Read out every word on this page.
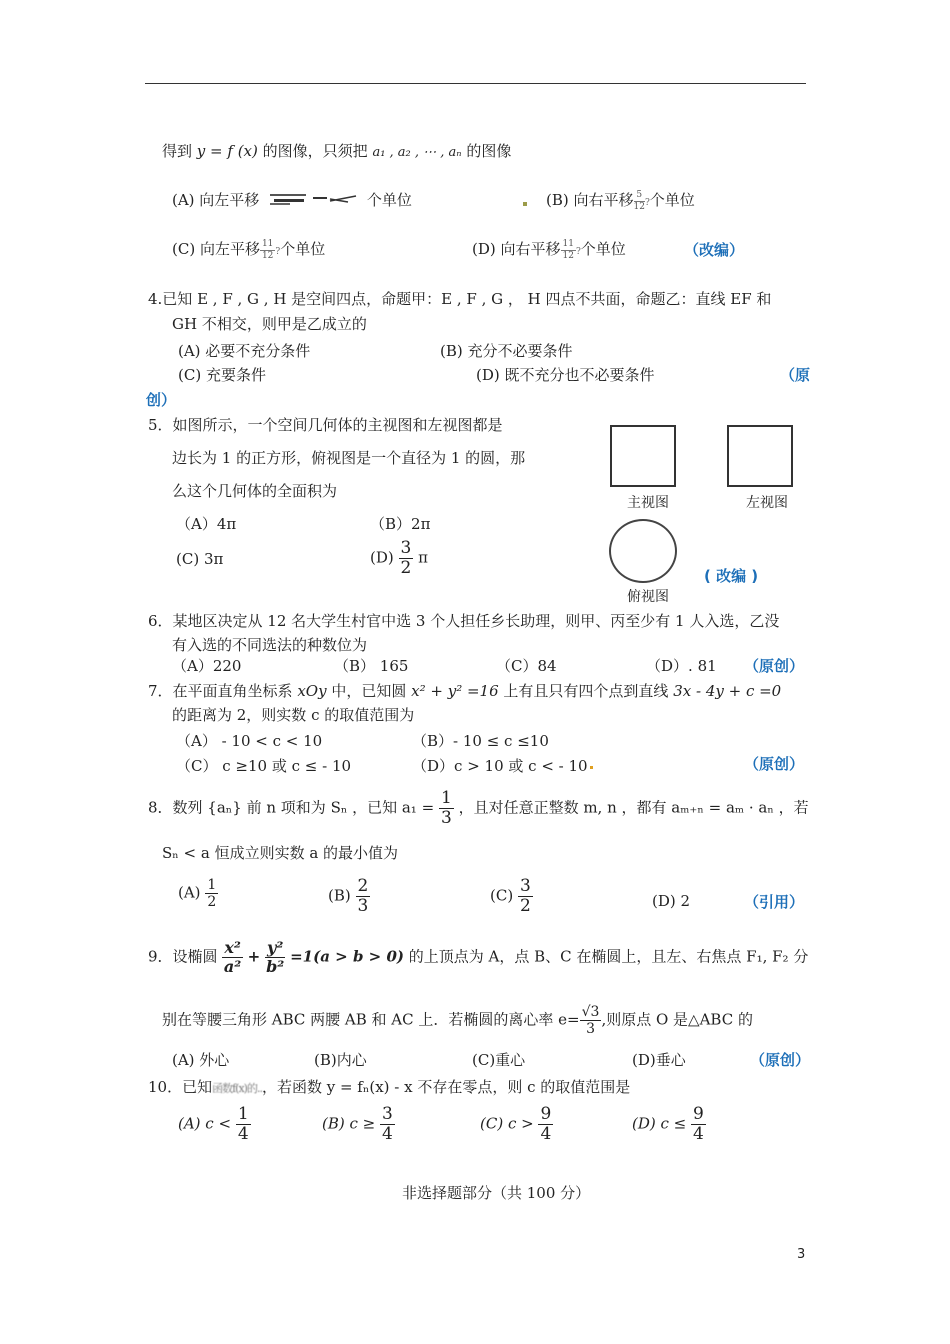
得到 y = f (x) 的图像，只须把 a₁ , a₂ , ⋯ , aₙ 的图像
(A) 向左平移	个单位	(B) 向右平移 $\frac{5}{12}$ ?个单位
(C) 向左平移 $\frac{11}{12}$ ?个单位	(D) 向右平移 $\frac{11}{12}$ ?个单位	（改编）
4.已知 E , F , G , H 是空间四点，命题甲：E , F , G ， H 四点不共面，命题乙：直线 EF 和
GH 不相交，则甲是乙成立的
(A) 必要不充分条件	(B) 充分不必要条件
(C) 充要条件	(D) 既不充分也不必要条件	（原
创）
5．如图所示，一个空间几何体的主视图和左视图都是
边长为 1 的正方形，俯视图是一个直径为 1 的圆，那
么这个几何体的全面积为
（A）4π	（B）2π
(C) 3π	$(D) \frac{3}{2}$ π
主视图	左视图
俯视图
( 改编 )
6．某地区决定从 12 名大学生村官中选 3 个人担任乡长助理，则甲、丙至少有 1 人入选，乙没
有入选的不同选法的种数位为
（A）220	（B） 165	（C）84	（D）. 81 （原创）
7．在平面直角坐标系 xOy 中，已知圆 x² + y² =16 上有且只有四个点到直线 3x - 4y + c =0
的距离为 2，则实数 c 的取值范围为
（A） - 10 < c < 10	（B）- 10 ≤ c ≤10
（C） c ≥10 或 c ≤ - 10	（D）c > 10 或 c < - 10	（原创）
8．数列 {aₙ} 前 n 项和为 Sₙ ，已知 $a_1 = \frac{1}{3}$ ，且对任意正整数 m, n ，都有 aₘ₊ₙ = aₘ · aₙ ，若
Sₙ < a 恒成立则实数 a 的最小值为
$(A) \frac{1}{2}$	$(B) \frac{2}{3}$	$(C) \frac{3}{2}$	(D) 2	（引用）
9．设椭圆 $\frac{\text{x²}}{\text{a²}} + \frac{\text{y²}}{\text{b²}} =1(a > b > 0)$ 的上顶点为 A，点 B、C 在椭圆上，且左、右焦点 F₁, F₂ 分
别在等腰三角形 ABC 两腰 AB 和 AC 上．若椭圆的离心率 $e= \frac{√3}{3}$ ,则原点 O 是△ABC 的
(A) 外心	(B)内心	(C)重心	(D)垂心	（原创）
10．已知函数f(x)的..，若函数 y = fₙ(x) - x 不存在零点，则 c 的取值范围是
(A) $c < \frac{1}{4}$	(B) $c \ge \frac{3}{4}$	(C) $c > \frac{9}{4}$	(D) $c \le \frac{9}{4}$
非选择题部分（共 100 分）
3
